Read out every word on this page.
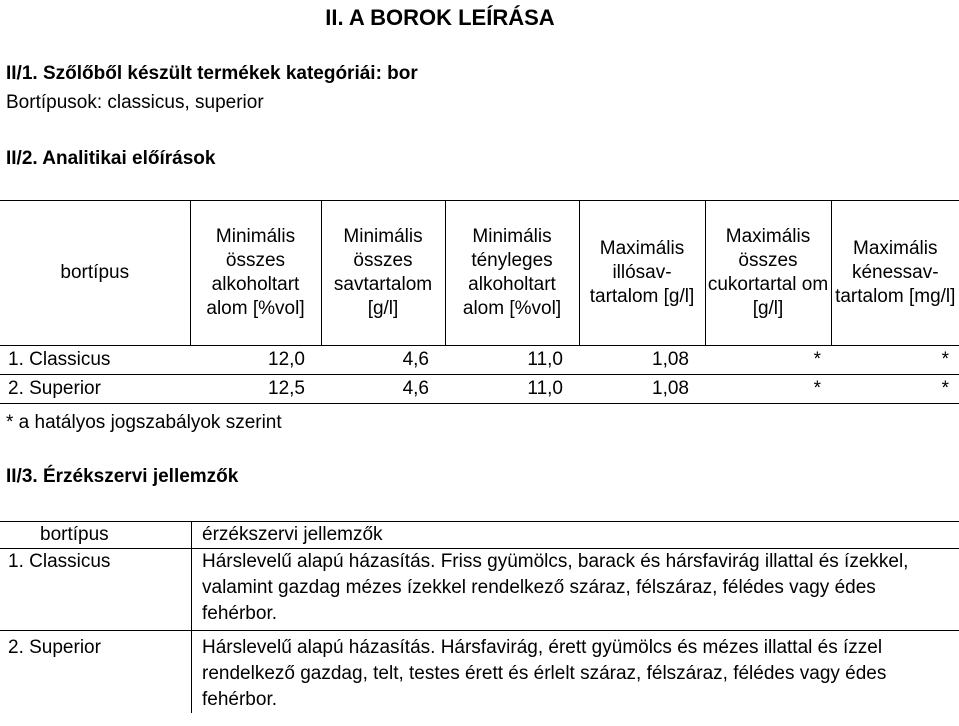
II. A BOROK LEÍRÁSA
II/1. Szőlőből készült termékek kategóriái: bor
Bortípusok: classicus, superior
II/2. Analitikai előírások
bortípus	Minimális összes alkoholtart alom [%vol]	Minimális összes savtartalom [g/l]	Minimális tényleges alkoholtart alom [%vol]	Maximális illósav-tartalom [g/l]	Maximális összes cukortartal om [g/l]	Maximális kénessav-tartalom [mg/l]
1. Classicus	12,0	4,6	11,0	1,08	*	*
2. Superior	12,5	4,6	11,0	1,08	*	*
* a hatályos jogszabályok szerint
II/3. Érzékszervi jellemzők
bortípus	érzékszervi jellemzők
1. Classicus	Hárslevelű alapú házasítás. Friss gyümölcs, barack és hársfavirág illattal és ízekkel, valamint gazdag mézes ízekkel rendelkező száraz, félszáraz, félédes vagy édes fehérbor.
2. Superior	Hárslevelű alapú házasítás. Hársfavirág, érett gyümölcs és mézes illattal és ízzel rendelkező gazdag, telt, testes érett és érlelt száraz, félszáraz, félédes vagy édes fehérbor.
